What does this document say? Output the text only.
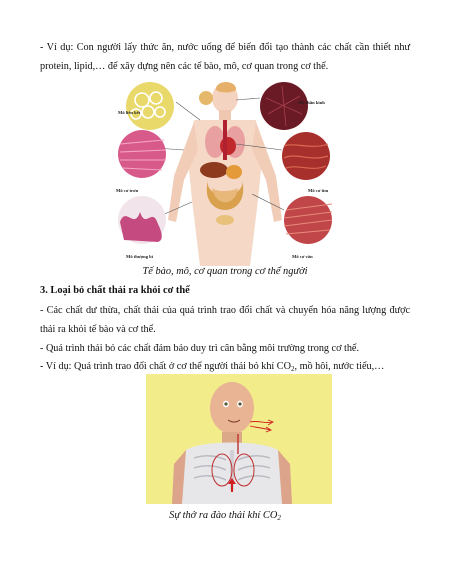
- Ví dụ: Con người lấy thức ăn, nước uống để biến đổi tạo thành các chất cần thiết như protein, lipid,… để xây dựng nên các tế bào, mô, cơ quan trong cơ thể.
Mô liên kết
Mô thần kinh
Mô cơ trơn	Mô cơ tim
Mô thượng bì	Mô cơ vân
Tế bào, mô, cơ quan trong cơ thể người
3. Loại bỏ chất thải ra khỏi cơ thể
- Các chất dư thừa, chất thải của quá trình trao đổi chất và chuyển hóa năng lượng được thải ra khỏi tế bào và cơ thể.
- Quá trình thải bỏ các chất đảm bảo duy trì cân bằng môi trường trong cơ thể.
- Ví dụ: Quá trình trao đổi chất ở cơ thể người thải bỏ khí $CO_2$, mồ hôi, nước tiểu,…
Sự thở ra đào thải khí $CO_2$
